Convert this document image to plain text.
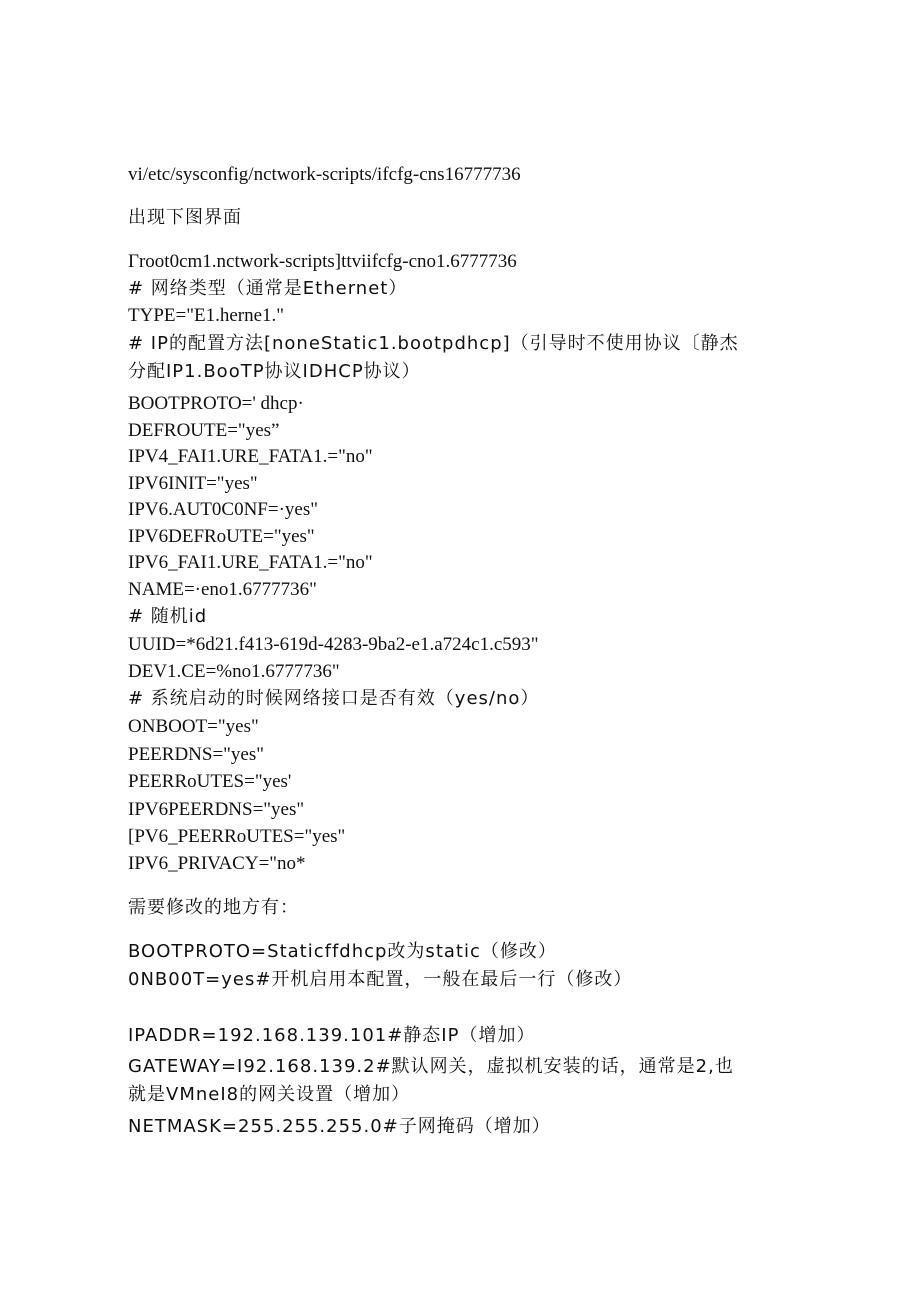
vi/etc/sysconfig/nctwork-scripts/ifcfg-cns16777736
出现下图界面
Γroot0cm1.nctwork-scripts]ttviifcfg-cno1.6777736
# 网络类型（通常是Ethernet）
TYPE="E1.herne1."
# IP的配置方法[noneStatic1.bootpdhcp]（引导时不使用协议〔静杰
分配IP1.BooTP协议IDHCP协议）
BOOTPROTO=' dhcp·
DEFROUTE="yes”
IPV4_FAI1.URE_FATA1.="no"
IPV6INIT="yes"
IPV6.AUT0C0NF=·yes"
IPV6DEFRoUTE="yes"
IPV6_FAI1.URE_FATA1.="no"
NAME=·eno1.6777736"
# 随机id
UUID=*6d21.f413-619d-4283-9ba2-e1.a724c1.c593"
DEV1.CE=%no1.6777736"
# 系统启动的时候网络接口是否有效（yes∕no）
ONBOOT="yes"
PEERDNS="yes"
PEERRoUTES="yes'
IPV6PEERDNS="yes"
[PV6_PEERRoUTES="yes"
IPV6_PRIVACY="no*
需要修改的地方有：
BOOTPROTO=Staticffdhcp改为static（修改）
0NB00T=yes#开机启用本配置，一般在最后一行（修改）
IPADDR=192.168.139.101#静态IP（增加）
GATEWAY=I92.168.139.2#默认网关，虚拟机安装的话，通常是2,也
就是VMneI8的网关设置（增加）
NETMASK=255.255.255.0#子网掩码（增加）
